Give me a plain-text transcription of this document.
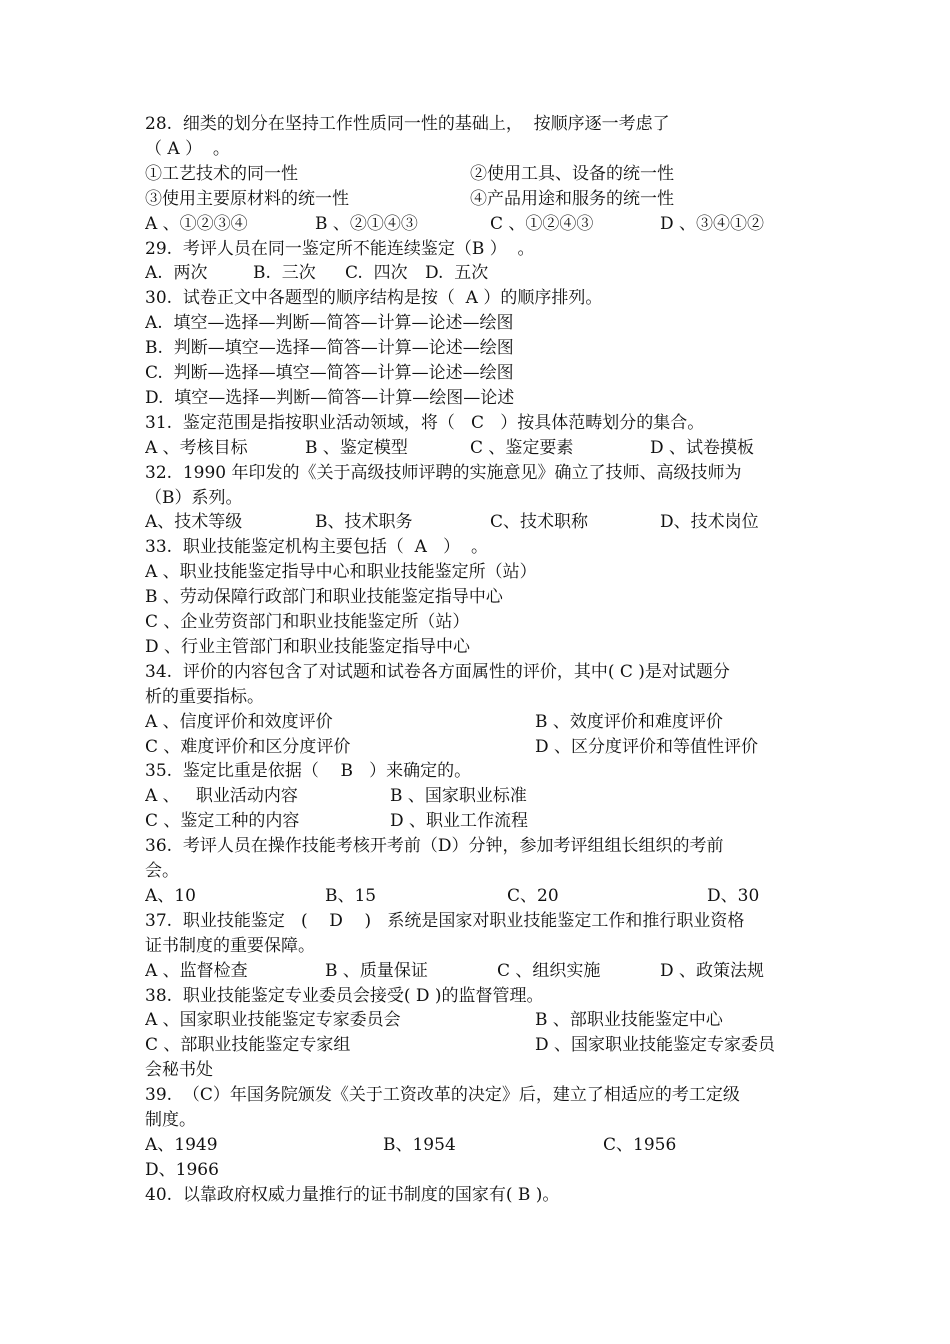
28.  细类的划分在坚持工作性质同一性的基础上，  按顺序逐一考虑了
（ A ）  。
①工艺技术的同一性	②使用工具、设备的统一性
③使用主要原材料的统一性	④产品用途和服务的统一性
A 、①②③④	B 、②①④③	C 、①②④③	D 、③④①②
29.  考评人员在同一鉴定所不能连续鉴定（B ）  。
A.  两次	B.  三次 C.  四次 D.  五次
30.  试卷正文中各题型的顺序结构是按（  A ）的顺序排列。
A.  填空—选择—判断—简答—计算—论述—绘图
B.  判断—填空—选择—简答—计算—论述—绘图
C.  判断—选择—填空—简答—计算—论述—绘图
D.  填空—选择—判断—简答—计算—绘图—论述
31.  鉴定范围是指按职业活动领域，将（   C   ）按具体范畴划分的集合。
A 、考核目标	B 、鉴定模型	C 、鉴定要素	D 、试卷摸板
32.  1990 年印发的《关于高级技师评聘的实施意见》确立了技师、高级技师为
（B）系列。
A、技术等级	B、技术职务	C、技术职称	D、技术岗位
33.  职业技能鉴定机构主要包括（  A   ）  。
A 、职业技能鉴定指导中心和职业技能鉴定所（站）
B 、劳动保障行政部门和职业技能鉴定指导中心
C 、企业劳资部门和职业技能鉴定所（站）
D 、行业主管部门和职业技能鉴定指导中心
34.  评价的内容包含了对试题和试卷各方面属性的评价，其中( C )是对试题分
析的重要指标。
A 、信度评价和效度评价	B 、效度评价和难度评价
C 、难度评价和区分度评价	D 、区分度评价和等值性评价
35.  鉴定比重是依据（    B   ）来确定的。
A 、   职业活动内容	B 、国家职业标准
C 、鉴定工种的内容	D 、职业工作流程
36.  考评人员在操作技能考核开考前（D）分钟，参加考评组组长组织的考前
会。
A、10	B、15	C、20	D、30
37.  职业技能鉴定   (    D    )   系统是国家对职业技能鉴定工作和推行职业资格
证书制度的重要保障。
A 、监督检查	B 、质量保证	C 、组织实施	D 、政策法规
38.  职业技能鉴定专业委员会接受( D )的监督管理。
A 、国家职业技能鉴定专家委员会	B 、部职业技能鉴定中心
C 、部职业技能鉴定专家组	D 、国家职业技能鉴定专家委员
会秘书处
39.  （C）年国务院颁发《关于工资改革的决定》后，建立了相适应的考工定级
制度。
A、1949	B、1954	C、1956
D、1966
40.  以靠政府权威力量推行的证书制度的国家有( B )。
